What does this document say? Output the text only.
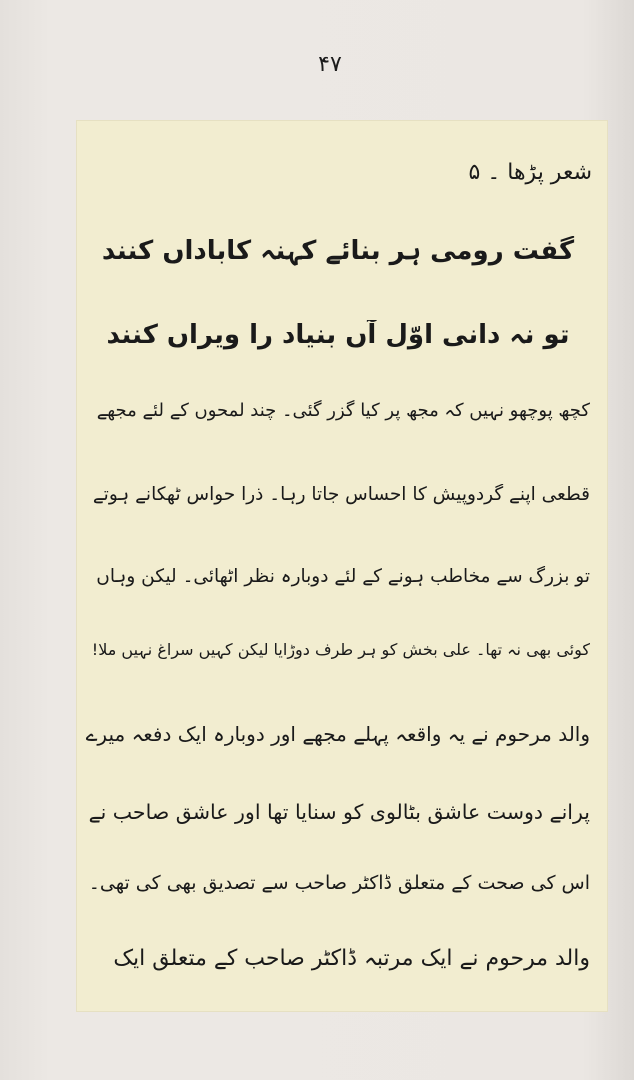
۴۷
شعر پڑھا ۔ ۵
گفت رومی ہر بنائے کہنہ کاباداں کنند
تو نہ دانی اوّل آں بنیاد را ویراں کنند
کچھ پوچھو نہیں کہ مجھ پر کیا گزر گئی۔ چند لمحوں کے لئے مجھے
قطعی اپنے گردوپیش کا احساس جاتا رہا۔ ذرا حواس ٹھکانے ہوتے
تو بزرگ سے مخاطب ہونے کے لئے دوبارہ نظر اٹھائی۔ لیکن وہاں
کوئی بھی نہ تھا۔ علی بخش کو ہر طرف دوڑایا لیکن کہیں سراغ نہیں ملا!
والد مرحوم نے یہ واقعہ پہلے مجھے اور دوبارہ ایک دفعہ میرے
پرانے دوست عاشق بٹالوی کو سنایا تھا اور عاشق صاحب نے
اس کی صحت کے متعلق ڈاکٹر صاحب سے تصدیق بھی کی تھی۔
والد مرحوم نے ایک مرتبہ ڈاکٹر صاحب کے متعلق ایک
